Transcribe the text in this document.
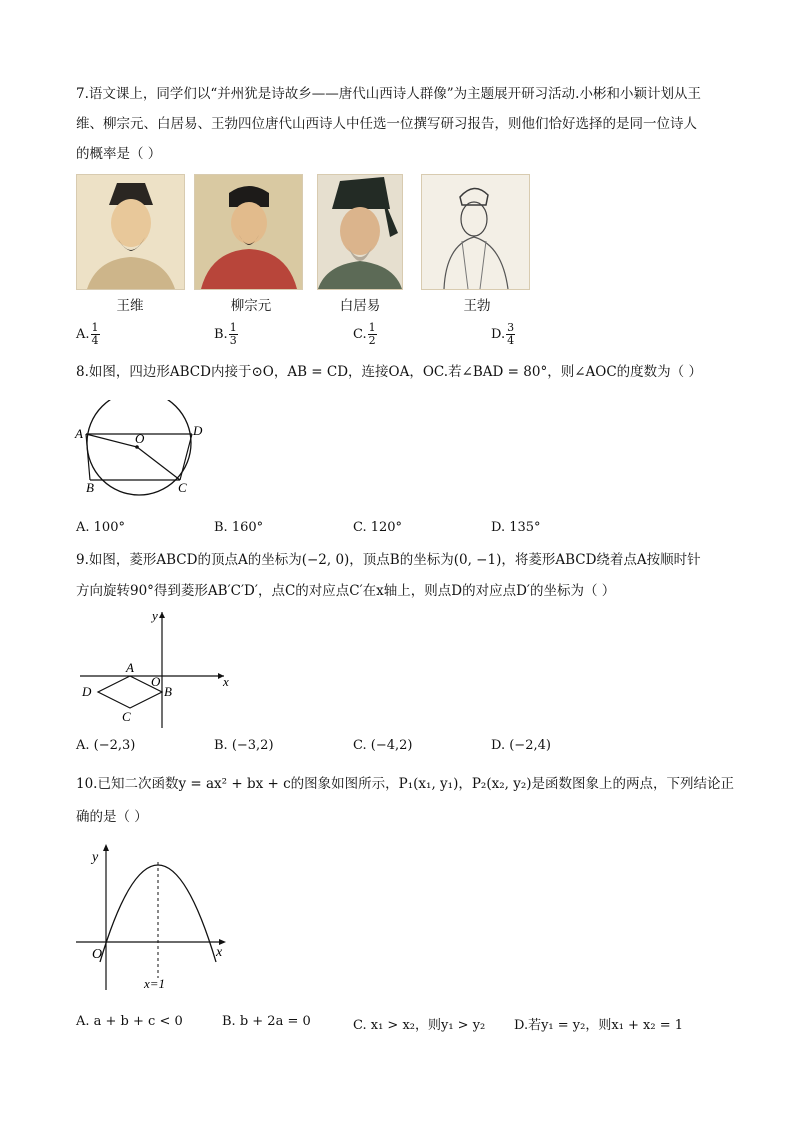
7.语文课上，同学们以“并州犹是诗故乡——唐代山西诗人群像”为主题展开研习活动.小彬和小颖计划从王
维、柳宗元、白居易、王勃四位唐代山西诗人中任选一位撰写研习报告，则他们恰好选择的是同一位诗人
的概率是（ ）
王维	柳宗元	白居易	王勃
A. $\frac{1}{4}$	B. $\frac{1}{3}$	C. $\frac{1}{2}$	D. $\frac{3}{4}$
8.如图，四边形ABCD内接于⊙O，AB = CD，连接OA，OC.若∠BAD = 80°，则∠AOC的度数为（ ）
A	D
B	C
O
A. 100°	B. 160°	C. 120°	D. 135°
9.如图，菱形ABCD的顶点A的坐标为(−2, 0)，顶点B的坐标为(0, −1)，将菱形ABCD绕着点A按顺时针
方向旋转90°得到菱形AB′C′D′，点C的对应点C′在x轴上，则点D的对应点D′的坐标为（ ）
y
x
A
B
C
D
O
A. (−2,3)	B. (−3,2)	C. (−4,2)	D. (−2,4)
10.已知二次函数y = ax² + bx + c的图象如图所示，P₁(x₁, y₁)，P₂(x₂, y₂)是函数图象上的两点，下列结论正
确的是（ ）
y
x
O
x=1
A. a + b + c < 0	B. b + 2a = 0	C. x₁ > x₂，则y₁ > y₂ D.若y₁ = y₂，则x₁ + x₂ = 1
